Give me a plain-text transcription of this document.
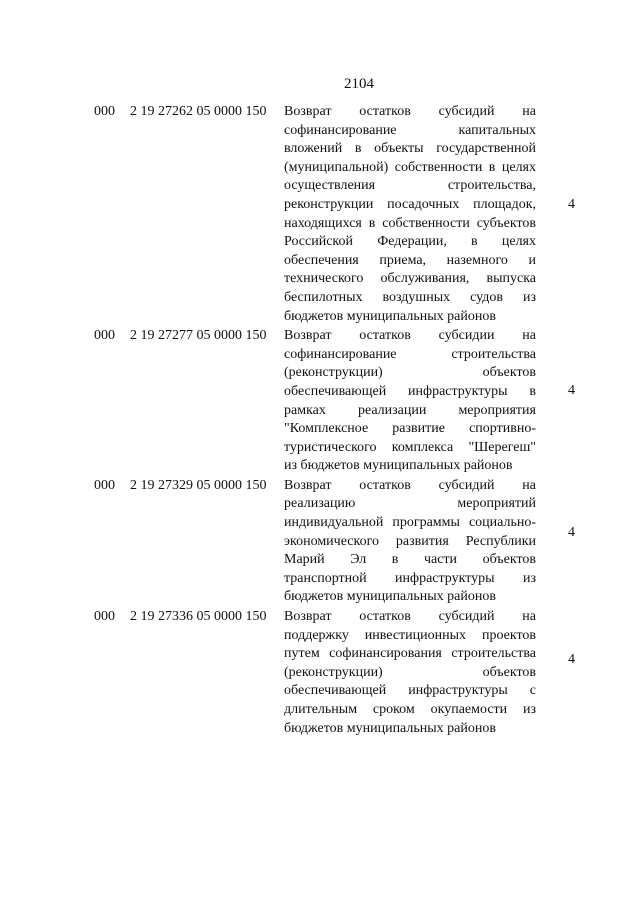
2104
000 2 19 27262 05 0000 150 Возврат остатков субсидий на
софинансирование капитальных
вложений в объекты государственной
(муниципальной) собственности в целях
осуществления строительства,
реконструкции посадочных площадок,
находящихся в собственности субъектов
Российской Федерации, в целях
обеспечения приема, наземного и
технического обслуживания, выпуска
беспилотных воздушных судов из
бюджетов муниципальных районов
4
000 2 19 27277 05 0000 150 Возврат остатков субсидии на
софинансирование строительства
(реконструкции) объектов
обеспечивающей инфраструктуры в
рамках реализации мероприятия
"Комплексное развитие спортивно-
туристического комплекса "Шерегеш"
из бюджетов муниципальных районов
4
000 2 19 27329 05 0000 150 Возврат остатков субсидий на
реализацию мероприятий
индивидуальной программы социально-
экономического развития Республики
Марий Эл в части объектов
транспортной инфраструктуры из
бюджетов муниципальных районов
4
000 2 19 27336 05 0000 150 Возврат остатков субсидий на
поддержку инвестиционных проектов
путем софинансирования строительства
(реконструкции) объектов
обеспечивающей инфраструктуры с
длительным сроком окупаемости из
бюджетов муниципальных районов
4
